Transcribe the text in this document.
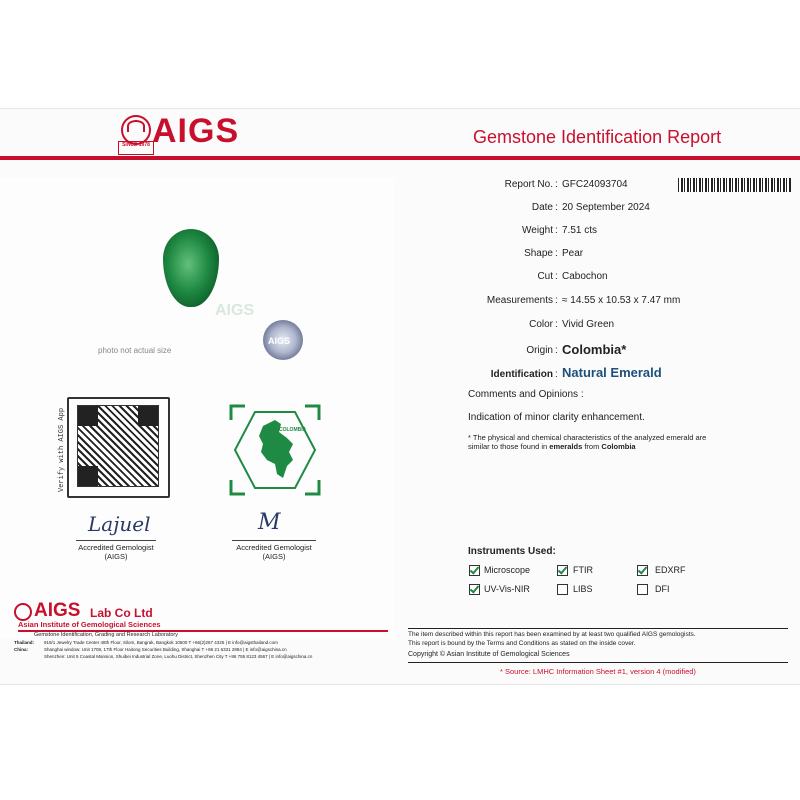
SINCE 1978 AIGS	Gemstone Identification Report
Report No. : GFC24093704
Date : 20 September 2024
Weight : 7.51 cts
Shape : Pear
Cut : Cabochon
Measurements : ≈ 14.55 x 10.53 x 7.47 mm
Color : Vivid Green
Origin : Colombia*
Identification : Natural Emerald
Comments and Opinions :
Indication of minor clarity enhancement.
* The physical and chemical characteristics of the analyzed emerald are
similar to those found in emeralds from Colombia
AIGS
photo not actual size
AIGS
Verify with AIGS App	COLOMBIA
Lajuel
Accredited Gemologist
(AIGS)
M
Accredited Gemologist
(AIGS)	Instruments Used:
Microscope	FTIR	EDXRF
UV-Vis-NIR	LIBS	DFI
AIGS Lab Co Ltd
Asian Institute of Gemological Sciences
Gemstone Identification, Grading and Research Laboratory
Thailand: 919/1 Jewelry Trade Center 48th Floor, Silom, Bangrak, Bangkok 10500 T +66(2)267 4325 | E info@aigsthailand.com
China:	Shanghai window: Unit 1708, 17th Floor Haitong Securities Building, Shanghai T +86 21 6331 2884 | E info@aigschina.cn
Shenzhen: Unit 5 Coastal Mansion, Shuibei Industrial Zone, Luohu District, Shenzhen City T +86 755 8123 4567 | E info@aigschina.cn
The item described within this report has been examined by at least two qualified AIGS gemologists.
This report is bound by the Terms and Conditions as stated on the inside cover.
Copyright © Asian Institute of Gemological Sciences
* Source: LMHC Information Sheet #1, version 4 (modified)
